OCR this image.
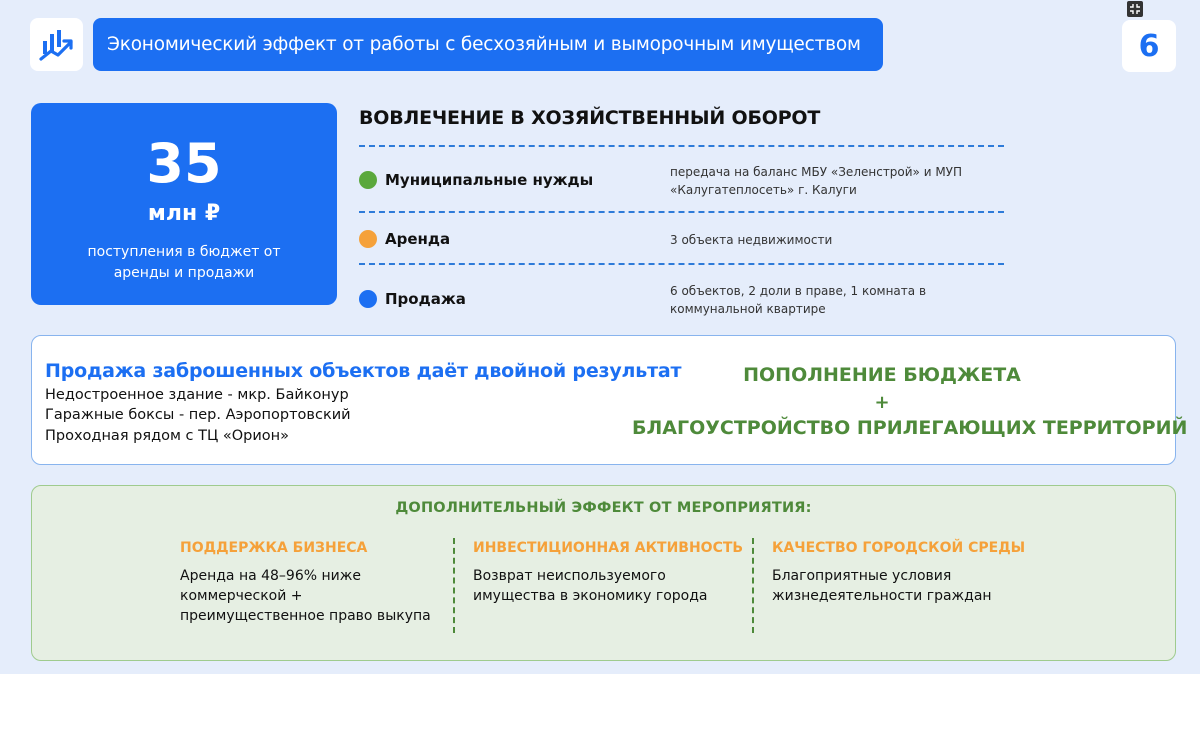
Экономический эффект от работы с бесхозяйным и выморочным имуществом	6
35
млн ₽
поступления в бюджет от аренды и продажи
ВОВЛЕЧЕНИЕ В ХОЗЯЙСТВЕННЫЙ ОБОРОТ
Муниципальные нужды	передача на баланс МБУ «Зеленстрой» и МУП «Калугатеплосеть» г. Калуги
Аренда	3 объекта недвижимости
Продажа	6 объектов, 2 доли в праве, 1 комната в коммунальной квартире
Продажа заброшенных объектов даёт двойной результат
Недостроенное здание - мкр. Байконур
Гаражные боксы - пер. Аэропортовский
Проходная рядом с ТЦ «Орион»
ПОПОЛНЕНИЕ БЮДЖЕТА
+
БЛАГОУСТРОЙСТВО ПРИЛЕГАЮЩИХ ТЕРРИТОРИЙ
ДОПОЛНИТЕЛЬНЫЙ ЭФФЕКТ ОТ МЕРОПРИЯТИЯ:
ПОДДЕРЖКА БИЗНЕСА
Аренда на 48–96% ниже коммерческой + преимущественное право выкупа
ИНВЕСТИЦИОННАЯ АКТИВНОСТЬ
Возврат неиспользуемого имущества в экономику города
КАЧЕСТВО ГОРОДСКОЙ СРЕДЫ
Благоприятные условия жизнедеятельности граждан
